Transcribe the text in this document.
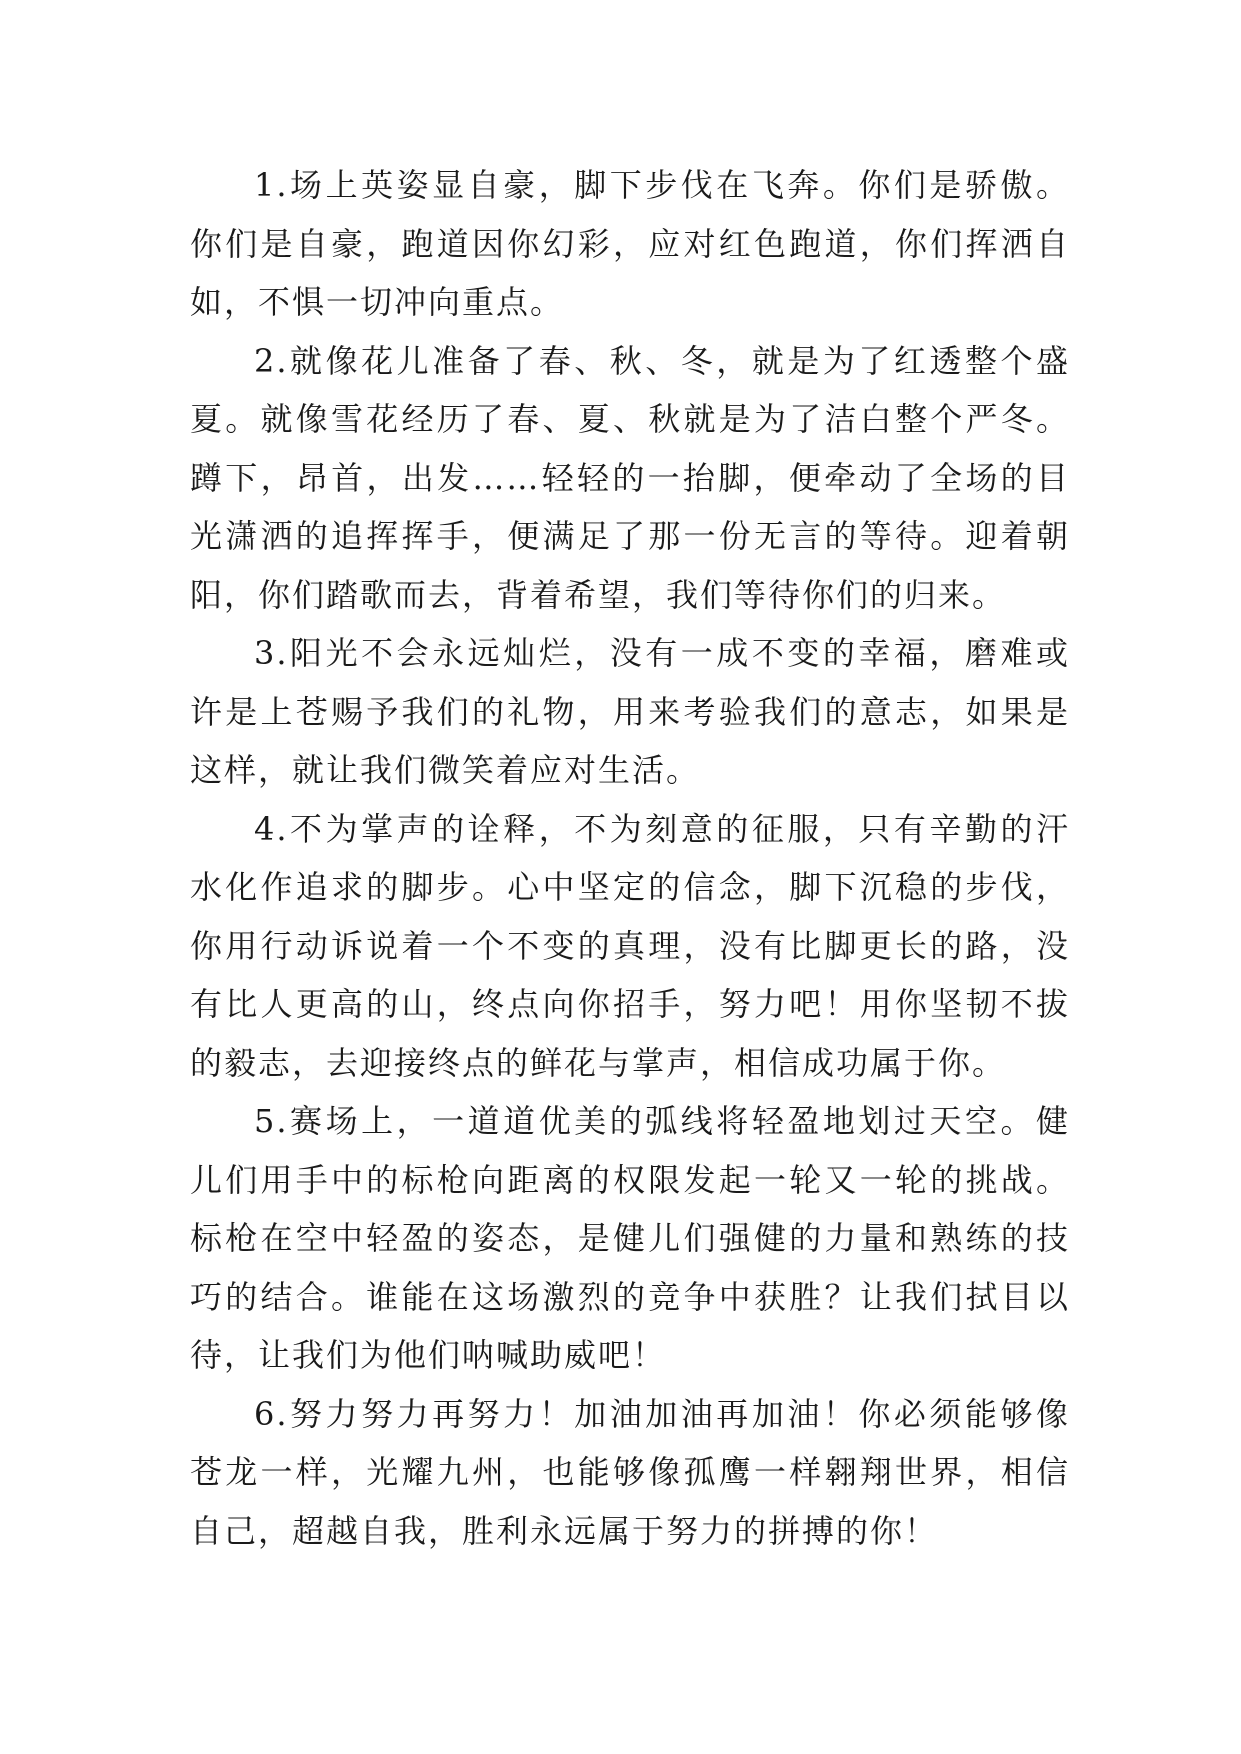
1.场上英姿显自豪，脚下步伐在飞奔。你们是骄傲。你们是自豪，跑道因你幻彩，应对红色跑道，你们挥洒自如，不惧一切冲向重点。

2.就像花儿准备了春、秋、冬，就是为了红透整个盛夏。就像雪花经历了春、夏、秋就是为了洁白整个严冬。蹲下，昂首，出发……轻轻的一抬脚，便牵动了全场的目光潇洒的追挥挥手，便满足了那一份无言的等待。迎着朝阳，你们踏歌而去，背着希望，我们等待你们的归来。

3.阳光不会永远灿烂，没有一成不变的幸福，磨难或许是上苍赐予我们的礼物，用来考验我们的意志，如果是这样，就让我们微笑着应对生活。

4.不为掌声的诠释，不为刻意的征服，只有辛勤的汗水化作追求的脚步。心中坚定的信念，脚下沉稳的步伐，你用行动诉说着一个不变的真理，没有比脚更长的路，没有比人更高的山，终点向你招手，努力吧！用你坚韧不拔的毅志，去迎接终点的鲜花与掌声，相信成功属于你。

5.赛场上，一道道优美的弧线将轻盈地划过天空。健儿们用手中的标枪向距离的权限发起一轮又一轮的挑战。标枪在空中轻盈的姿态，是健儿们强健的力量和熟练的技巧的结合。谁能在这场激烈的竞争中获胜？让我们拭目以待，让我们为他们呐喊助威吧！

6.努力努力再努力！加油加油再加油！你必须能够像苍龙一样，光耀九州，也能够像孤鹰一样翱翔世界，相信自己，超越自我，胜利永远属于努力的拼搏的你！
